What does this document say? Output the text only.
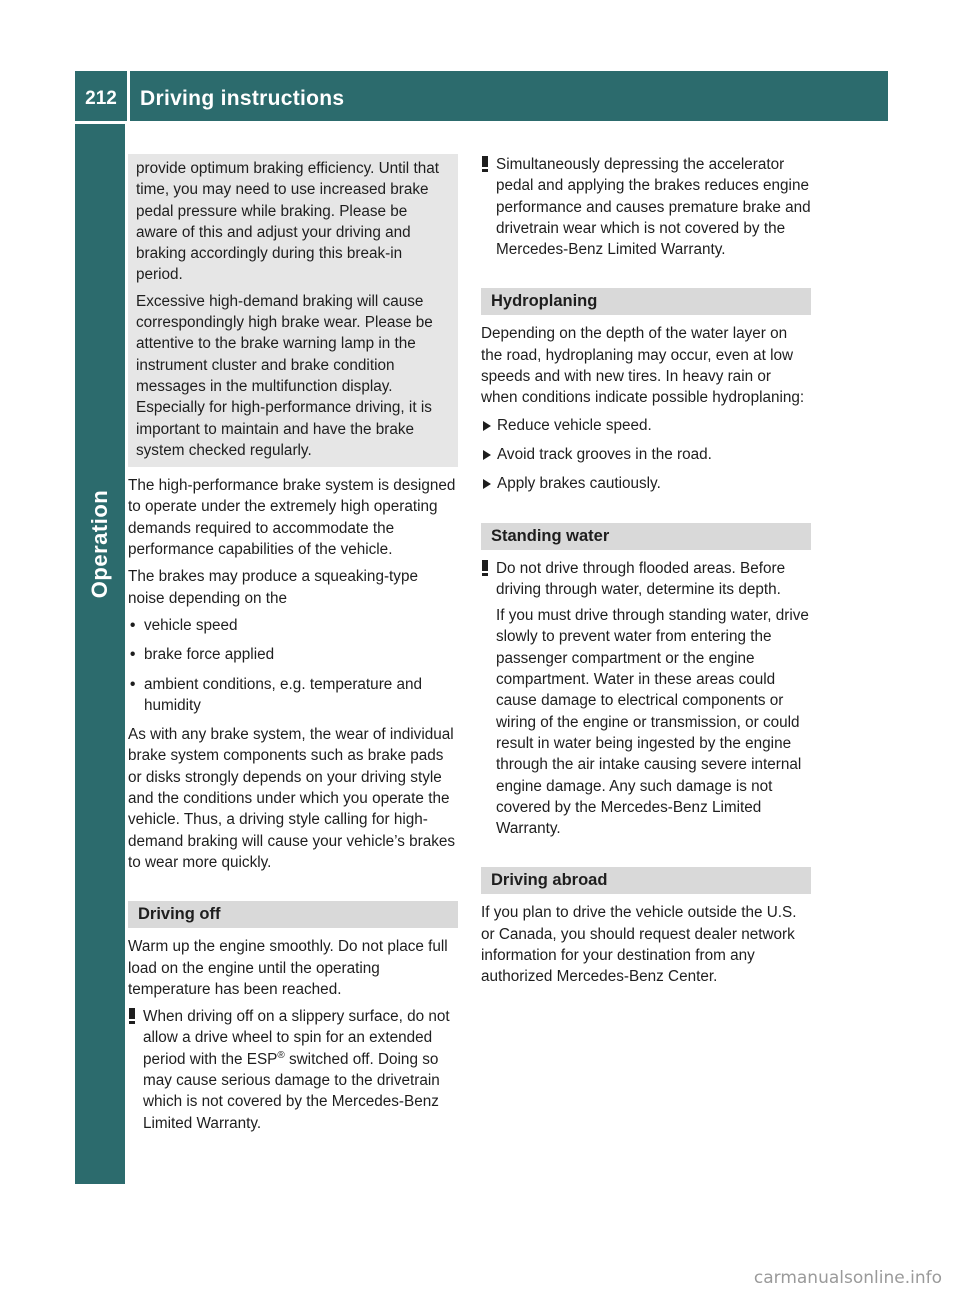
212	Driving instructions
Operation

provide optimum braking efficiency. Until that time, you may need to use increased brake pedal pressure while braking. Please be aware of this and adjust your driving and braking accordingly during this break-in period.

Excessive high-demand braking will cause correspondingly high brake wear. Please be attentive to the brake warning lamp in the instrument cluster and brake condition messages in the multifunction display. Especially for high-performance driving, it is important to maintain and have the brake system checked regularly.

The high-performance brake system is designed to operate under the extremely high operating demands required to accommodate the performance capabilities of the vehicle.

The brakes may produce a squeaking-type noise depending on the

• vehicle speed
• brake force applied
• ambient conditions, e.g. temperature and humidity

As with any brake system, the wear of individual brake system components such as brake pads or disks strongly depends on your driving style and the conditions under which you operate the vehicle. Thus, a driving style calling for high-demand braking will cause your vehicle’s brakes to wear more quickly.

Driving off

Warm up the engine smoothly. Do not place full load on the engine until the operating temperature has been reached.

When driving off on a slippery surface, do not allow a drive wheel to spin for an extended period with the ESP® switched off. Doing so may cause serious damage to the drivetrain which is not covered by the Mercedes-Benz Limited Warranty.

Simultaneously depressing the accelerator pedal and applying the brakes reduces engine performance and causes premature brake and drivetrain wear which is not covered by the Mercedes-Benz Limited Warranty.

Hydroplaning

Depending on the depth of the water layer on the road, hydroplaning may occur, even at low speeds and with new tires. In heavy rain or when conditions indicate possible hydroplaning:

Reduce vehicle speed.
Avoid track grooves in the road.
Apply brakes cautiously.
Standing water

Do not drive through flooded areas. Before driving through water, determine its depth.

If you must drive through standing water, drive slowly to prevent water from entering the passenger compartment or the engine compartment. Water in these areas could cause damage to electrical components or wiring of the engine or transmission, or could result in water being ingested by the engine through the air intake causing severe internal engine damage. Any such damage is not covered by the Mercedes-Benz Limited Warranty.

Driving abroad

If you plan to drive the vehicle outside the U.S. or Canada, you should request dealer network information for your destination from any authorized Mercedes-Benz Center.

carmanualsonline.info
